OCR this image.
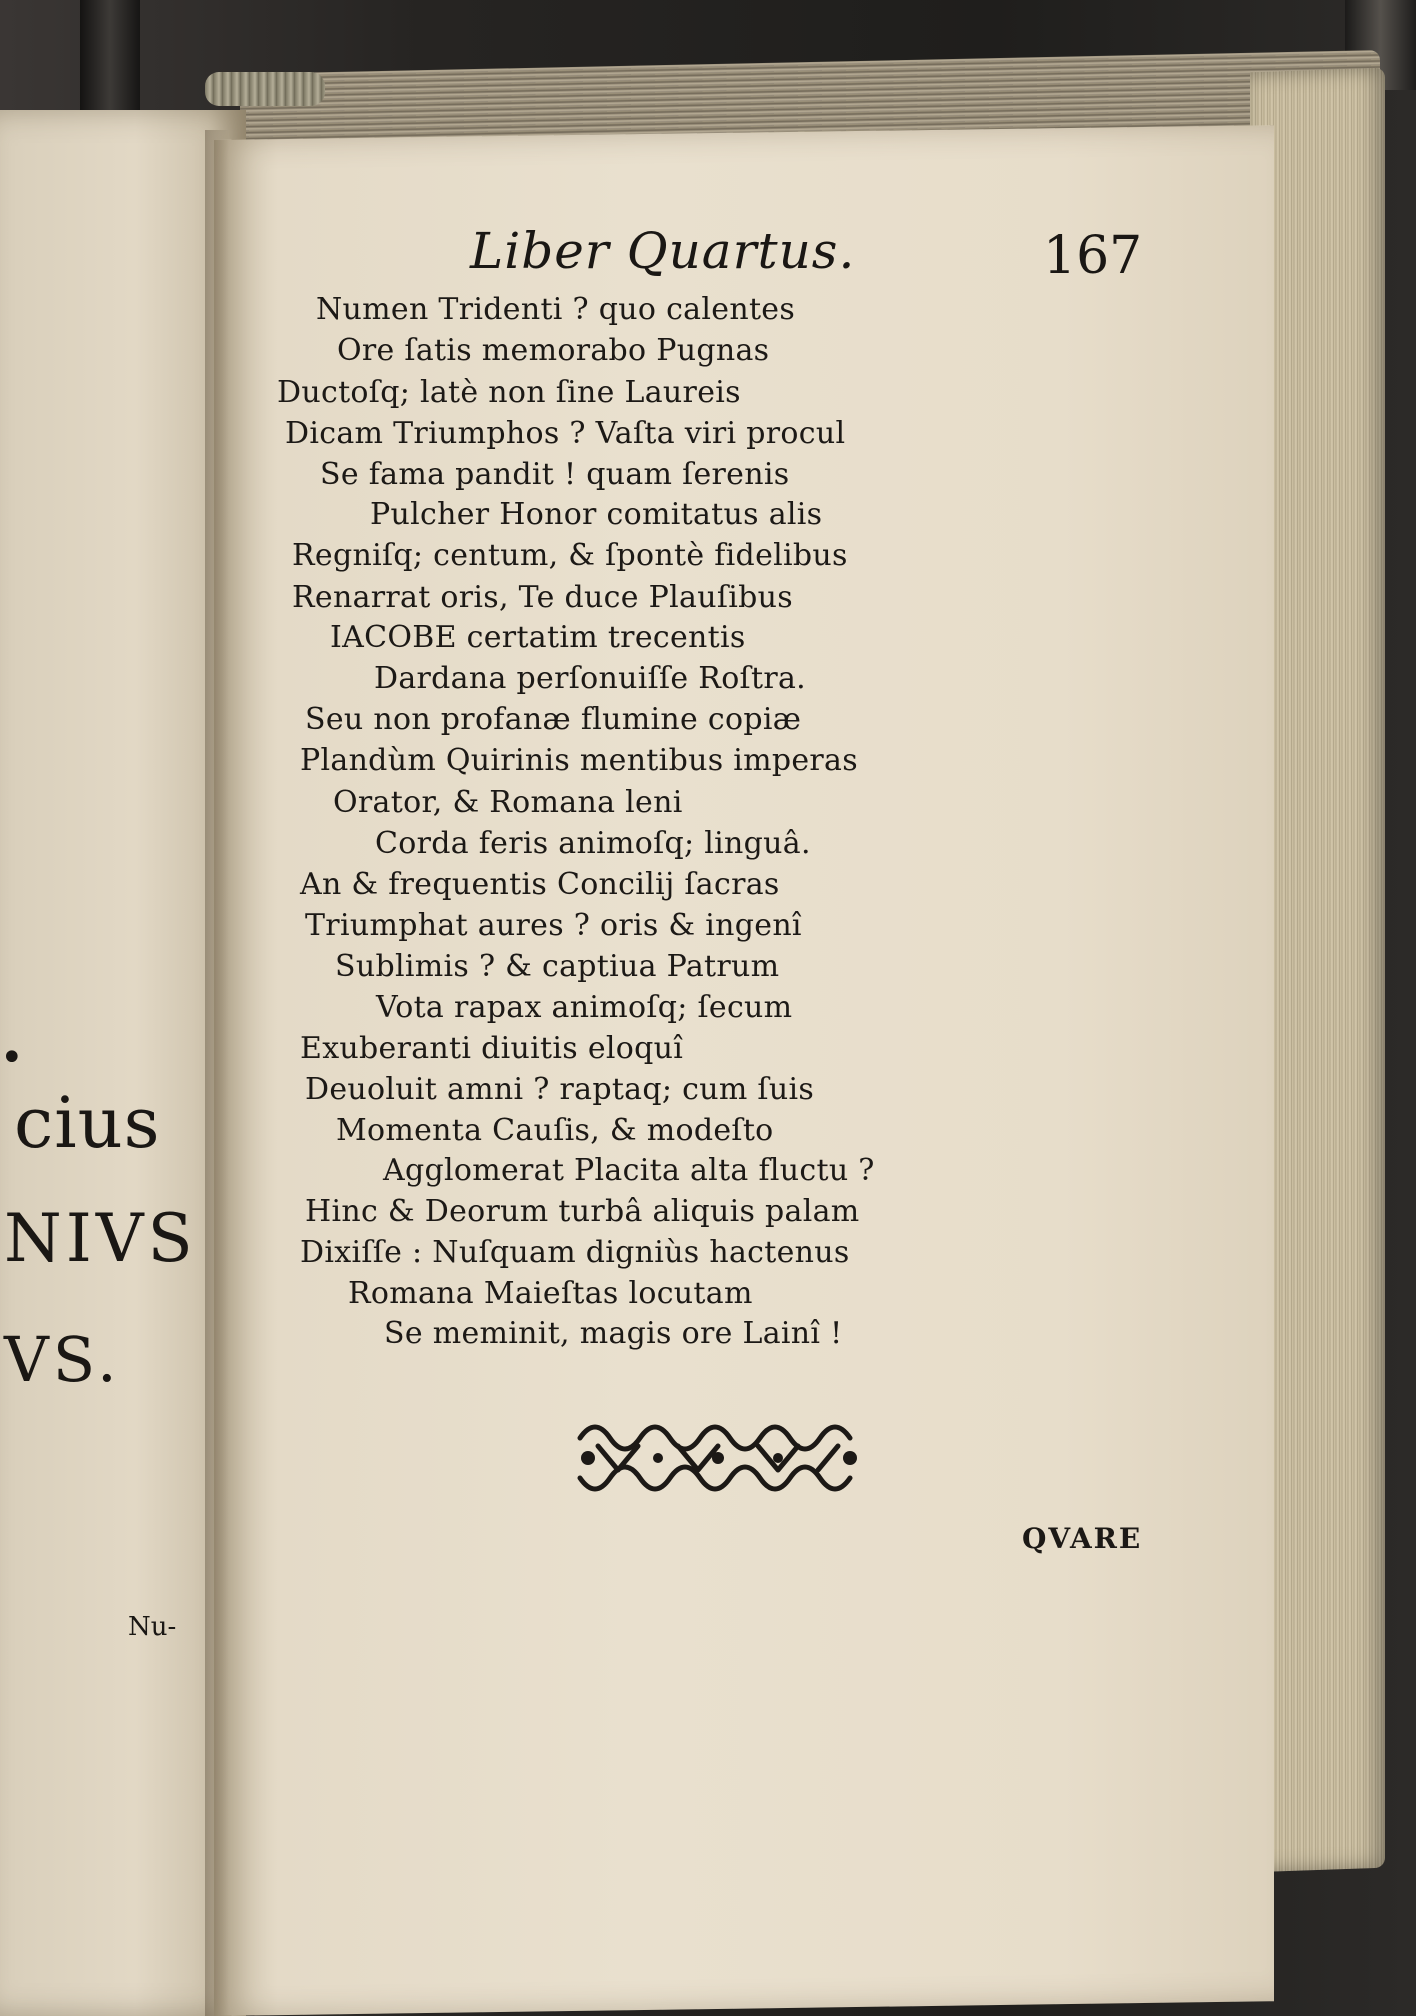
•
cius
NIVS
VS.
Nu-
Liber Quartus.	167
Numen Tridenti ? quo calentes
Ore ſatis memorabo Pugnas
Ductoſq; latè non ſine Laureis
Dicam Triumphos ? Vaſta viri procul
Se fama pandit ! quam ſerenis
Pulcher Honor comitatus alis
Regniſq; centum, & ſpontè fidelibus
Renarrat oris, Te duce Plauſibus
IACOBE certatim trecentis
Dardana perſonuiſſe Roſtra.
Seu non profanæ flumine copiæ
Plandùm Quirinis mentibus imperas
Orator, & Romana leni
Corda feris animoſq; linguâ.
An & frequentis Concilij ſacras
Triumphat aures ? oris & ingenî
Sublimis ? & captiua Patrum
Vota rapax animoſq; ſecum
Exuberanti diuitis eloquî
Deuoluit amni ? raptaq; cum ſuis
Momenta Cauſis, & modeſto
Agglomerat Placita alta fluctu ?
Hinc & Deorum turbâ aliquis palam
Dixiſſe : Nuſquam digniùs hactenus
Romana Maieſtas locutam
Se meminit, magis ore Lainî !
QVARE
